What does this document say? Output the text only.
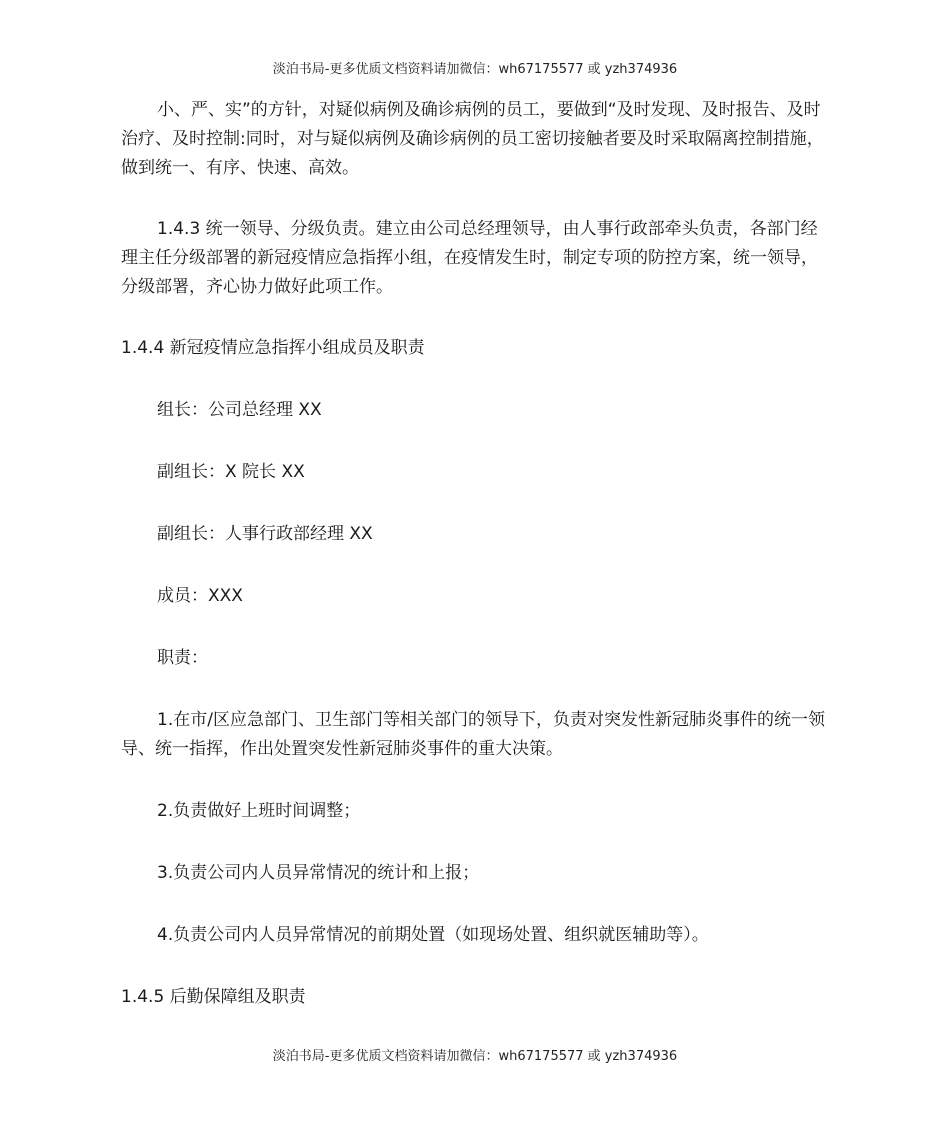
淡泊书局-更多优质文档资料请加微信：wh67175577 或 yzh374936

小、严、实”的方针，对疑似病例及确诊病例的员工，要做到“及时发现、及时报告、及时治疗、及时控制:同时，对与疑似病例及确诊病例的员工密切接触者要及时采取隔离控制措施，做到统一、有序、快速、高效。

1.4.3 统一领导、分级负责。建立由公司总经理领导，由人事行政部牵头负责，各部门经理主任分级部署的新冠疫情应急指挥小组，在疫情发生时，制定专项的防控方案，统一领导，分级部署，齐心协力做好此项工作。

1.4.4 新冠疫情应急指挥小组成员及职责

组长：公司总经理 XX

副组长：X 院长 XX

副组长：人事行政部经理 XX

成员：XXX

职责：

1.在市/区应急部门、卫生部门等相关部门的领导下，负责对突发性新冠肺炎事件的统一领导、统一指挥，作出处置突发性新冠肺炎事件的重大决策。

2.负责做好上班时间调整；

3.负责公司内人员异常情况的统计和上报；

4.负责公司内人员异常情况的前期处置（如现场处置、组织就医辅助等）。

1.4.5 后勤保障组及职责

淡泊书局-更多优质文档资料请加微信：wh67175577 或 yzh374936
